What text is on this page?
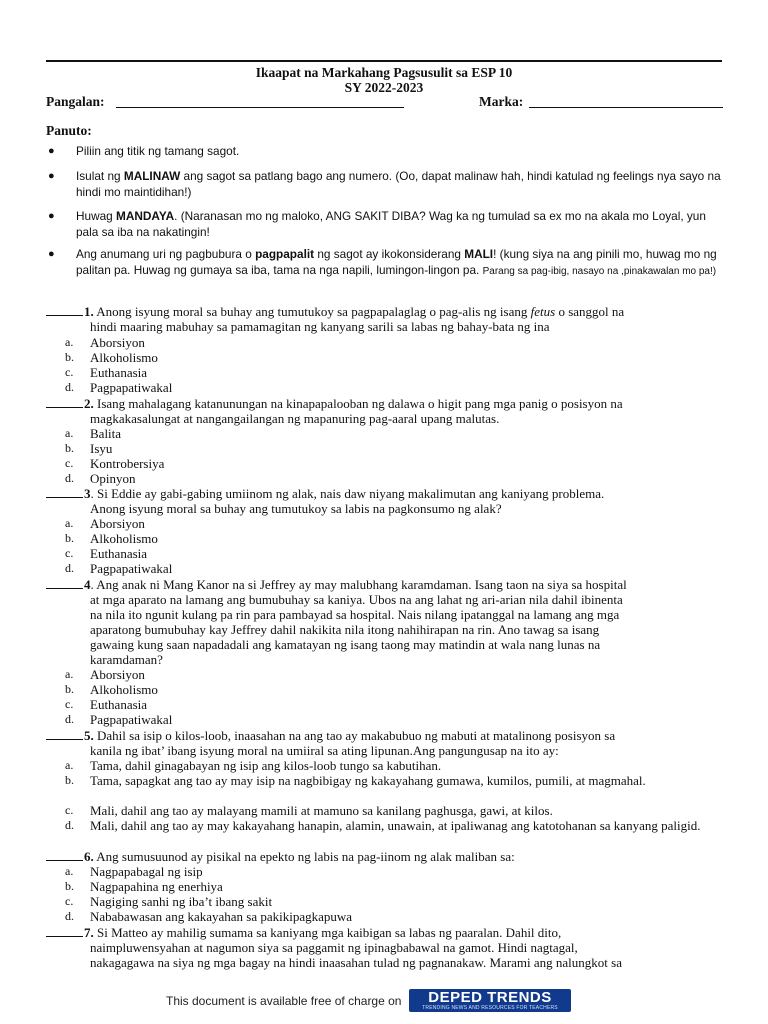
Ikaapat na Markahang Pagsusulit sa ESP 10
SY 2022-2023
Pangalan:	Marka:
Panuto:
● Piliin ang titik ng tamang sagot.
● Isulat ng MALINAW ang sagot sa patlang bago ang numero. (Oo, dapat malinaw hah, hindi katulad ng feelings nya sayo na hindi mo maintidihan!)
● Huwag MANDAYA. (Naranasan mo ng maloko, ANG SAKIT DIBA? Wag ka ng tumulad sa ex mo na akala mo Loyal, yun pala sa iba na nakatingin!
● Ang anumang uri ng pagbubura o pagpapalit ng sagot ay ikokonsiderang MALI! (kung siya na ang pinili mo, huwag mo ng palitan pa. Huwag ng gumaya sa iba, tama na nga napili, lumingon-lingon pa. Parang sa pag-ibig, nasayo na ,pinakawalan mo pa!)
1. Anong isyung moral sa buhay ang tumutukoy sa pagpapalaglag o pag-alis ng isang fetus o sanggol na
hindi maaring mabuhay sa pamamagitan ng kanyang sarili sa labas ng bahay-bata ng ina
a.	Aborsiyon
b.	Alkoholismo
c.	Euthanasia
d.	Pagpapatiwakal
2. Isang mahalagang katanunungan na kinapapalooban ng dalawa o higit pang mga panig o posisyon na
magkakasalungat at nangangailangan ng mapanuring pag-aaral upang malutas.
a.	Balita
b.	Isyu
c.	Kontrobersiya
d.	Opinyon
3. Si Eddie ay gabi-gabing umiinom ng alak, nais daw niyang makalimutan ang kaniyang problema.
Anong isyung moral sa buhay ang tumutukoy sa labis na pagkonsumo ng alak?
a.	Aborsiyon
b.	Alkoholismo
c.	Euthanasia
d.	Pagpapatiwakal
4. Ang anak ni Mang Kanor na si Jeffrey ay may malubhang karamdaman. Isang taon na siya sa hospital
at mga aparato na lamang ang bumubuhay sa kaniya. Ubos na ang lahat ng ari-arian nila dahil ibinenta
na nila ito ngunit kulang pa rin para pambayad sa hospital. Nais nilang ipatanggal na lamang ang mga
aparatong bumubuhay kay Jeffrey dahil nakikita nila itong nahihirapan na rin. Ano tawag sa isang
gawaing kung saan napadadali ang kamatayan ng isang taong may matindin at wala nang lunas na
karamdaman?
a.	Aborsiyon
b.	Alkoholismo
c.	Euthanasia
d.	Pagpapatiwakal
5. Dahil sa isip o kilos-loob, inaasahan na ang tao ay makabubuo ng mabuti at matalinong posisyon sa
kanila ng ibat’ ibang isyung moral na umiiral sa ating lipunan.Ang pangungusap na ito ay:
a.	Tama, dahil ginagabayan ng isip ang kilos-loob tungo sa kabutihan.
b.	Tama, sapagkat ang tao ay may isip na nagbibigay ng kakayahang gumawa, kumilos, pumili, at magmahal.
c.	Mali, dahil ang tao ay malayang mamili at mamuno sa kanilang paghusga, gawi, at kilos.
d.	Mali, dahil ang tao ay may kakayahang hanapin, alamin, unawain, at ipaliwanag ang katotohanan sa kanyang paligid.
6. Ang sumusuunod ay pisikal na epekto ng labis na pag-iinom ng alak maliban sa:
a.	Nagpapabagal ng isip
b.	Nagpapahina ng enerhiya
c.	Nagiging sanhi ng iba’t ibang sakit
d.	Nababawasan ang kakayahan sa pakikipagkapuwa
7. Si Matteo ay mahilig sumama sa kaniyang mga kaibigan sa labas ng paaralan. Dahil dito,
naimpluwensyahan at nagumon siya sa paggamit ng ipinagbabawal na gamot. Hindi nagtagal,
nakagagawa na siya ng mga bagay na hindi inaasahan tulad ng pagnanakaw. Marami ang nalungkot sa
This document is available free of charge on	DEPED TRENDS
TRENDING NEWS AND RESOURCES FOR TEACHERS
